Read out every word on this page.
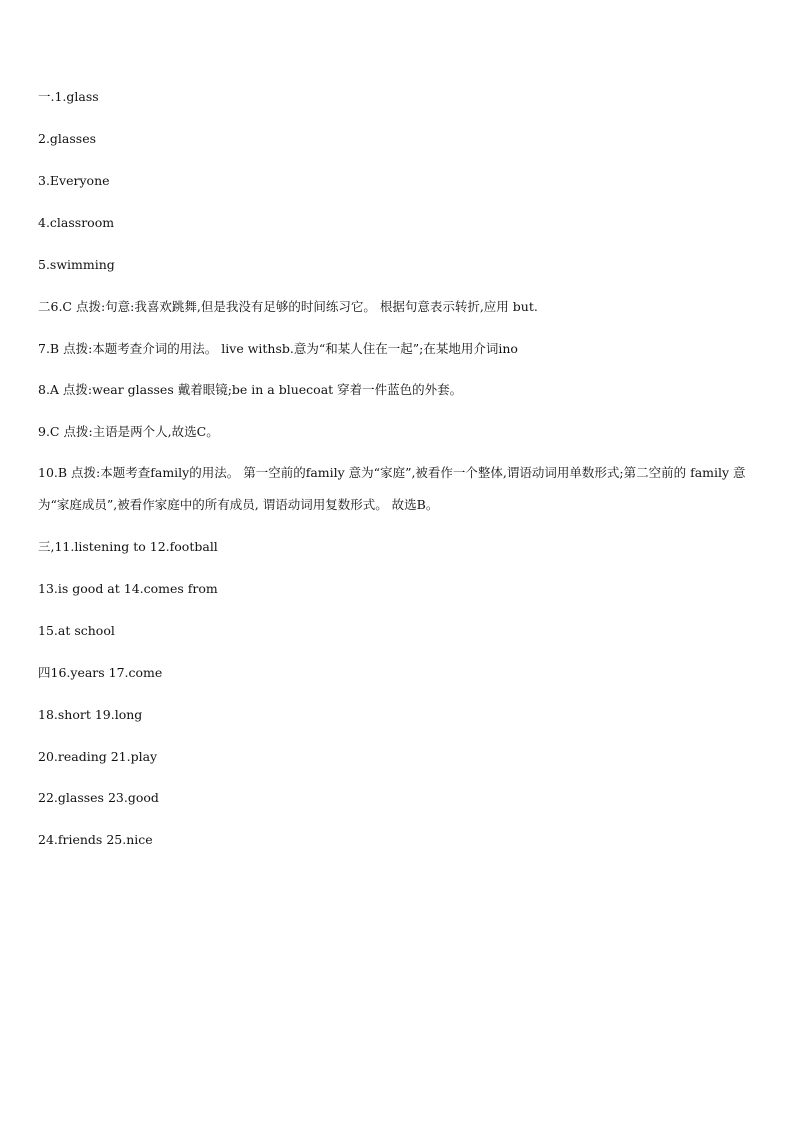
一.1.glass
2.glasses
3.Everyone
4.classroom
5.swimming
二6.C 点拨:句意:我喜欢跳舞,但是我没有足够的时间练习它。 根据句意表示转折,应用 but.
7.B 点拨:本题考查介词的用法。 live withsb.意为“和某人住在一起”;在某地用介词ino
8.A 点拨:wear glasses 戴着眼镜;be in a bluecoat 穿着一件蓝色的外套。
9.C 点拨:主语是两个人,故选C。
10.B 点拨:本题考查family的用法。 第一空前的family 意为“家庭”,被看作一个整体,谓语动词用单数形式;第二空前的 family 意为“家庭成员”,被看作家庭中的所有成员, 谓语动词用复数形式。 故选B。
三,11.listening to 12.football
13.is good at 14.comes from
15.at school
四16.years 17.come
18.short 19.long
20.reading 21.play
22.glasses 23.good
24.friends 25.nice
